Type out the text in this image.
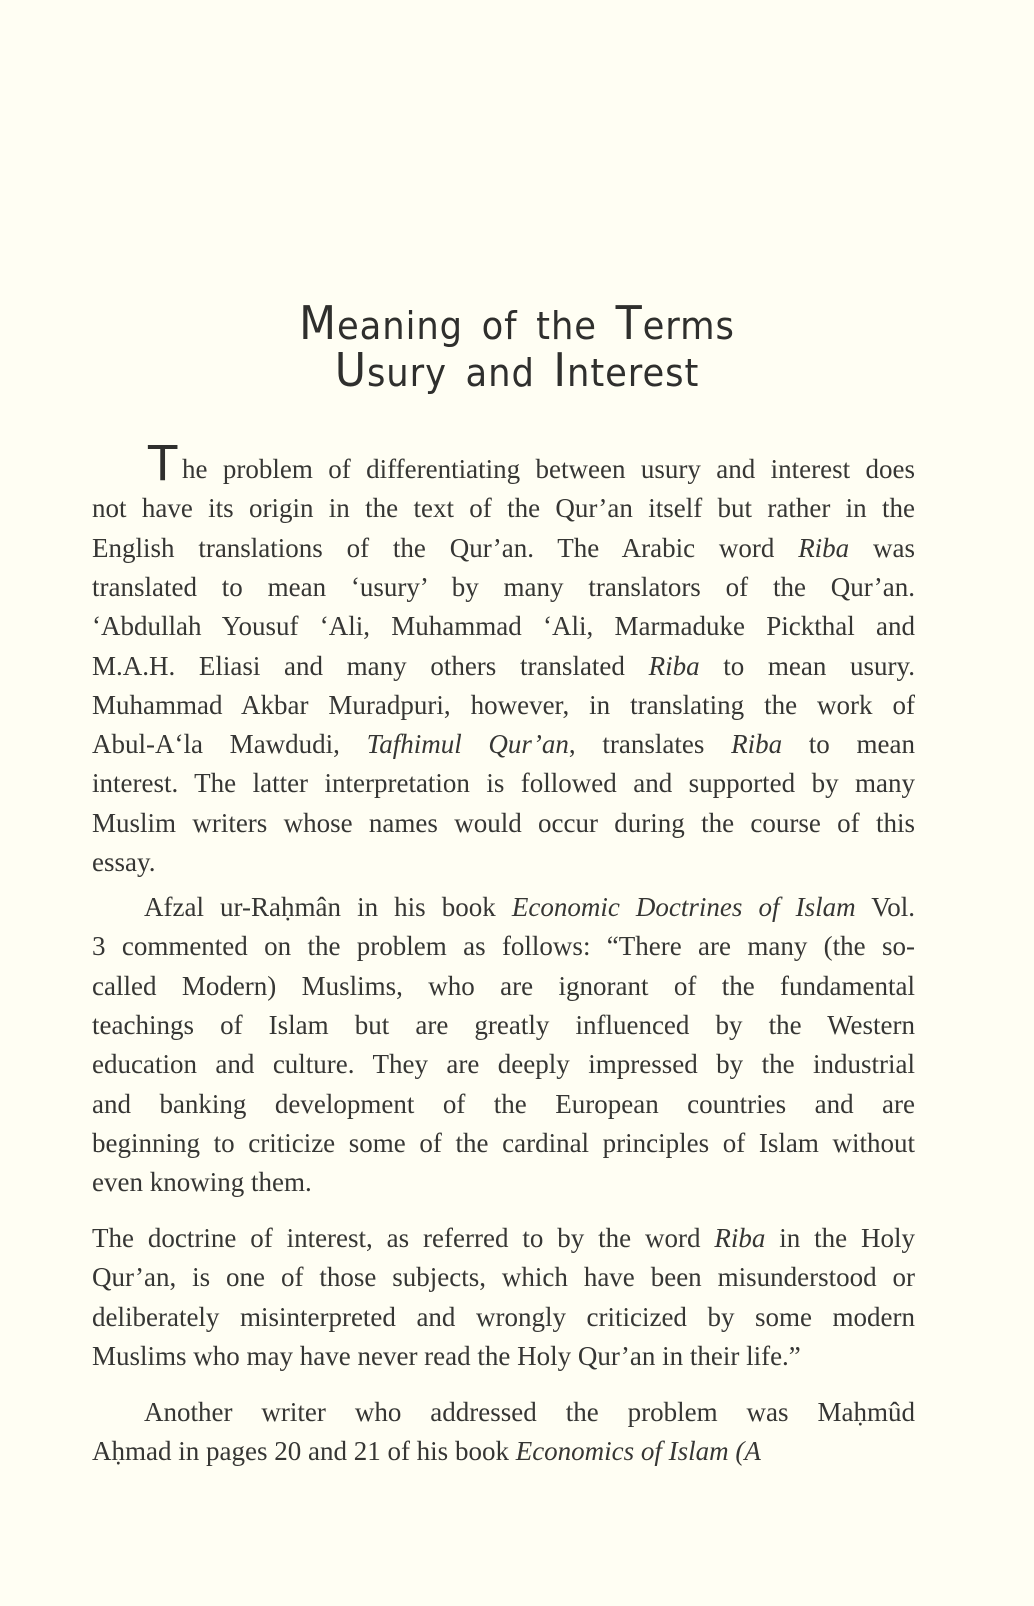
Meaning  of  the  Terms
Usury  and  Interest
T he problem of differentiating between usury and interest does
not have its origin in the text of the Qur’an itself but rather in the
English translations of the Qur’an. The Arabic word Riba was
translated to mean ‘usury’ by many translators of the Qur’an.
‘Abdullah Yousuf ‘Ali, Muhammad ‘Ali, Marmaduke Pickthal and
M.A.H. Eliasi and many others translated Riba to mean usury.
Muhammad Akbar Muradpuri, however, in translating the work of
Abul-A‘la Mawdudi, Tafhimul Qur’an, translates Riba to mean
interest. The latter interpretation is followed and supported by many
Muslim writers whose names would occur during the course of this
essay.
Afzal ur-Raḥmân in his book Economic Doctrines of Islam Vol.
3 commented on the problem as follows: “There are many (the so-
called Modern) Muslims, who are ignorant of the fundamental
teachings of Islam but are greatly influenced by the Western
education and culture. They are deeply impressed by the industrial
and banking development of the European countries and are
beginning to criticize some of the cardinal principles of Islam without
even knowing them.
The doctrine of interest, as referred to by the word Riba in the Holy
Qur’an, is one of those subjects, which have been misunderstood or
deliberately misinterpreted and wrongly criticized by some modern
Muslims who may have never read the Holy Qur’an in their life.”
Another writer who addressed the problem was Maḥmûd
Aḥmad in pages 20 and 21 of his book Economics of Islam (A
